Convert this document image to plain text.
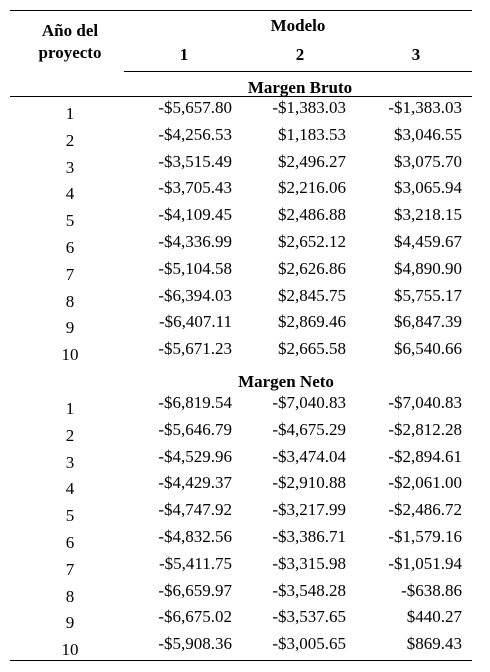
Año del
proyecto
Modelo
1	2	3
Margen Bruto
1	-$5,657.80	-$1,383.03	-$1,383.03
2	-$4,256.53	$1,183.53	$3,046.55
3	-$3,515.49	$2,496.27	$3,075.70
4	-$3,705.43	$2,216.06	$3,065.94
5	-$4,109.45	$2,486.88	$3,218.15
6	-$4,336.99	$2,652.12	$4,459.67
7	-$5,104.58	$2,626.86	$4,890.90
8	-$6,394.03	$2,845.75	$5,755.17
9	-$6,407.11	$2,869.46	$6,847.39
10	-$5,671.23	$2,665.58	$6,540.66
Margen Neto
1	-$6,819.54	-$7,040.83	-$7,040.83
2	-$5,646.79	-$4,675.29	-$2,812.28
3	-$4,529.96	-$3,474.04	-$2,894.61
4	-$4,429.37	-$2,910.88	-$2,061.00
5	-$4,747.92	-$3,217.99	-$2,486.72
6	-$4,832.56	-$3,386.71	-$1,579.16
7	-$5,411.75	-$3,315.98	-$1,051.94
8	-$6,659.97	-$3,548.28	-$638.86
9	-$6,675.02	-$3,537.65	$440.27
10	-$5,908.36	-$3,005.65	$869.43
